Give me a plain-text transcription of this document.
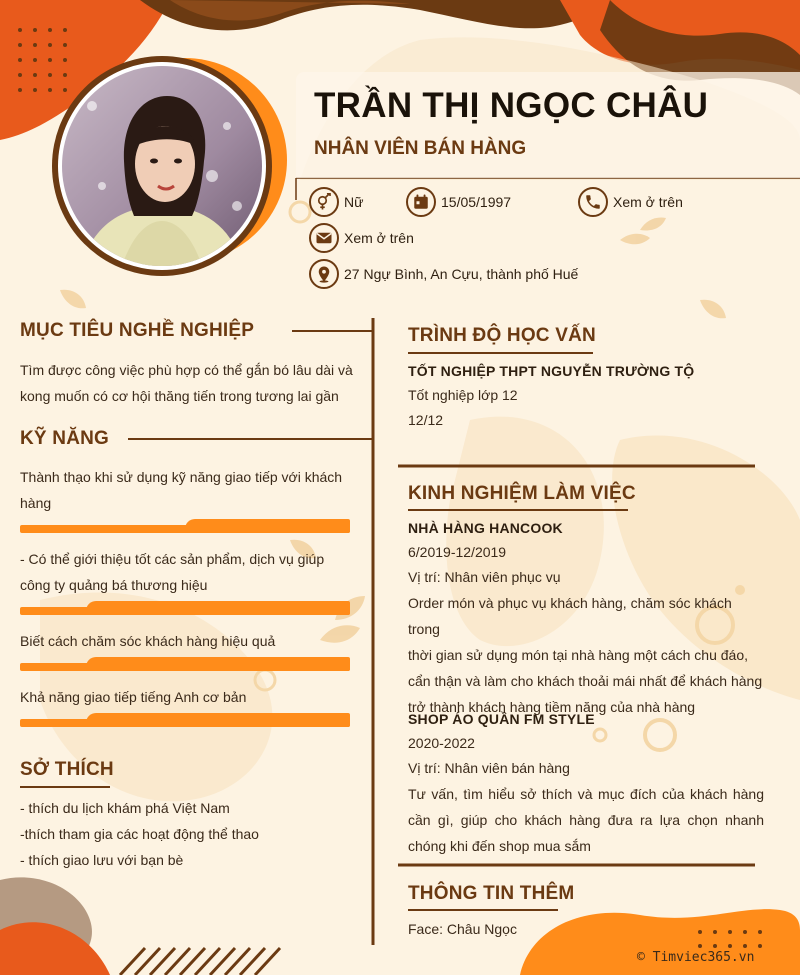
TRẦN THỊ NGỌC CHÂU
NHÂN VIÊN BÁN HÀNG
Nữ	15/05/1997	Xem ở trên
Xem ở trên
27 Ngự Bình, An Cựu, thành phố Huế
MỤC TIÊU NGHỀ NGHIỆP
Tìm được công việc phù hợp có thể gắn bó lâu dài và
kong muốn có cơ hội thăng tiến trong tương lai gần
KỸ NĂNG
Thành thạo khi sử dụng kỹ năng giao tiếp với khách
hàng
- Có thể giới thiệu tốt các sản phẩm, dịch vụ giúp
công ty quảng bá thương hiệu
Biết cách chăm sóc khách hàng hiệu quả
Khả năng giao tiếp tiếng Anh cơ bản
SỞ THÍCH
- thích du lịch khám phá Việt Nam
-thích tham gia các hoạt động thể thao
- thích giao lưu với bạn bè
TRÌNH ĐỘ HỌC VẤN
TỐT NGHIỆP THPT NGUYỄN TRƯỜNG TỘ
Tốt nghiệp lớp 12
12/12
KINH NGHIỆM LÀM VIỆC
NHÀ HÀNG HANCOOK
6/2019-12/2019
Vị trí: Nhân viên phục vụ
Order món và phục vụ khách hàng, chăm sóc khách trong
thời gian sử dụng món tại nhà hàng một cách chu đáo,
cẩn thận và làm cho khách thoải mái nhất để khách hàng
trở thành khách hàng tiềm năng của nhà hàng
SHOP ÁO QUẦN FM STYLE
2020-2022
Vị trí: Nhân viên bán hàng
Tư vấn, tìm hiểu sở thích và mục đích của khách hàng
cần gì, giúp cho khách hàng đưa ra lựa chọn nhanh
chóng khi đến shop mua sắm
THÔNG TIN THÊM
Face: Châu Ngọc
© Timviec365.vn
